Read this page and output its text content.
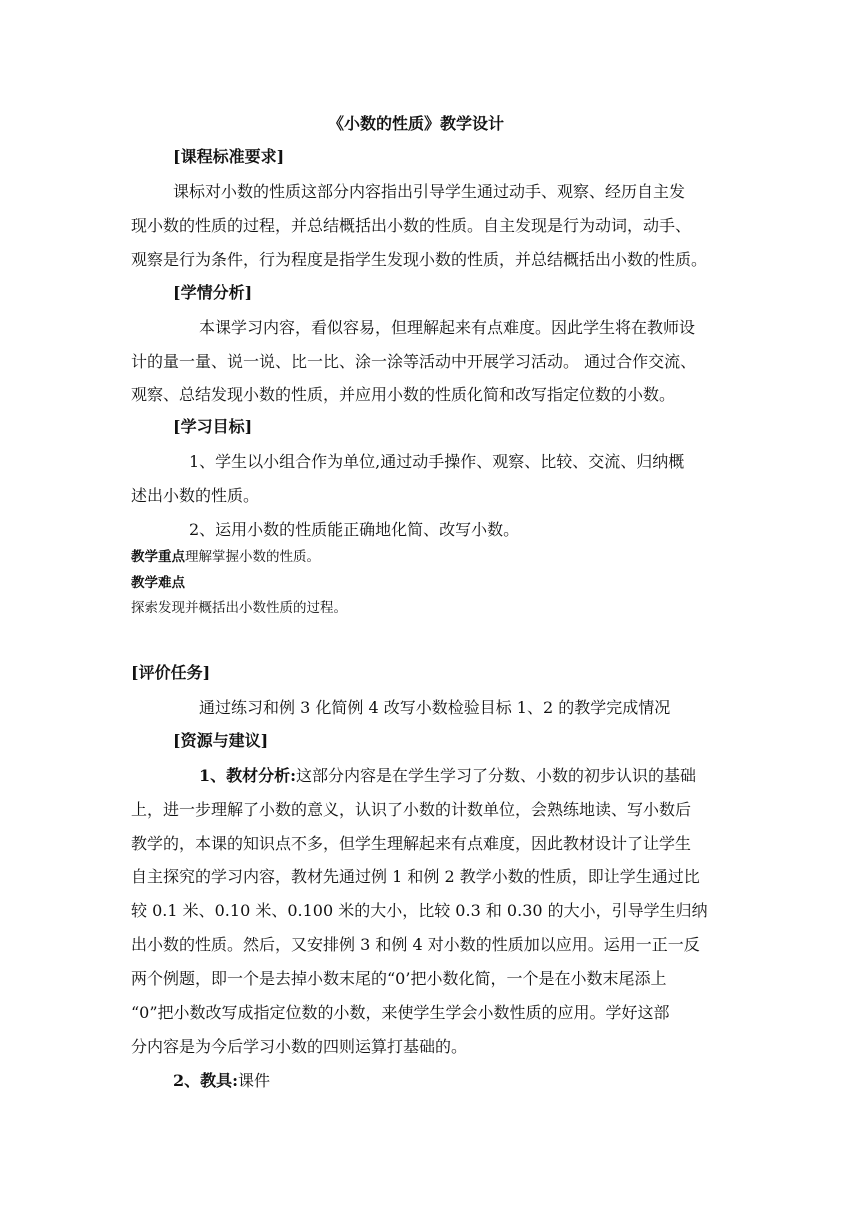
《小数的性质》教学设计
[课程标准要求]
课标对小数的性质这部分内容指出引导学生通过动手、观察、经历自主发
现小数的性质的过程，并总结概括出小数的性质。自主发现是行为动词，动手、
观察是行为条件，行为程度是指学生发现小数的性质，并总结概括出小数的性质。
[学情分析]
本课学习内容，看似容易，但理解起来有点难度。因此学生将在教师设
计的量一量、说一说、比一比、涂一涂等活动中开展学习活动。 通过合作交流、
观察、总结发现小数的性质，并应用小数的性质化简和改写指定位数的小数。
[学习目标]
1、学生以小组合作为单位,通过动手操作、观察、比较、交流、归纳概
述出小数的性质。
2、运用小数的性质能正确地化简、改写小数。
教学重点理解掌握小数的性质。
教学难点
探索发现并概括出小数性质的过程。
[评价任务]
通过练习和例 3 化简例 4 改写小数检验目标 1、2 的教学完成情况
[资源与建议]
1、教材分析:这部分内容是在学生学习了分数、小数的初步认识的基础
上，进一步理解了小数的意义，认识了小数的计数单位，会熟练地读、写小数后
教学的，本课的知识点不多，但学生理解起来有点难度，因此教材设计了让学生
自主探究的学习内容，教材先通过例 1 和例 2 教学小数的性质，即让学生通过比
较 0.1 米、0.10 米、0.100 米的大小，比较 0.3 和 0.30 的大小，引导学生归纳
出小数的性质。然后，又安排例 3 和例 4 对小数的性质加以应用。运用一正一反
两个例题，即一个是去掉小数末尾的“0’把小数化简，一个是在小数末尾添上
“0”把小数改写成指定位数的小数，来使学生学会小数性质的应用。学好这部
分内容是为今后学习小数的四则运算打基础的。
2、教具:课件
